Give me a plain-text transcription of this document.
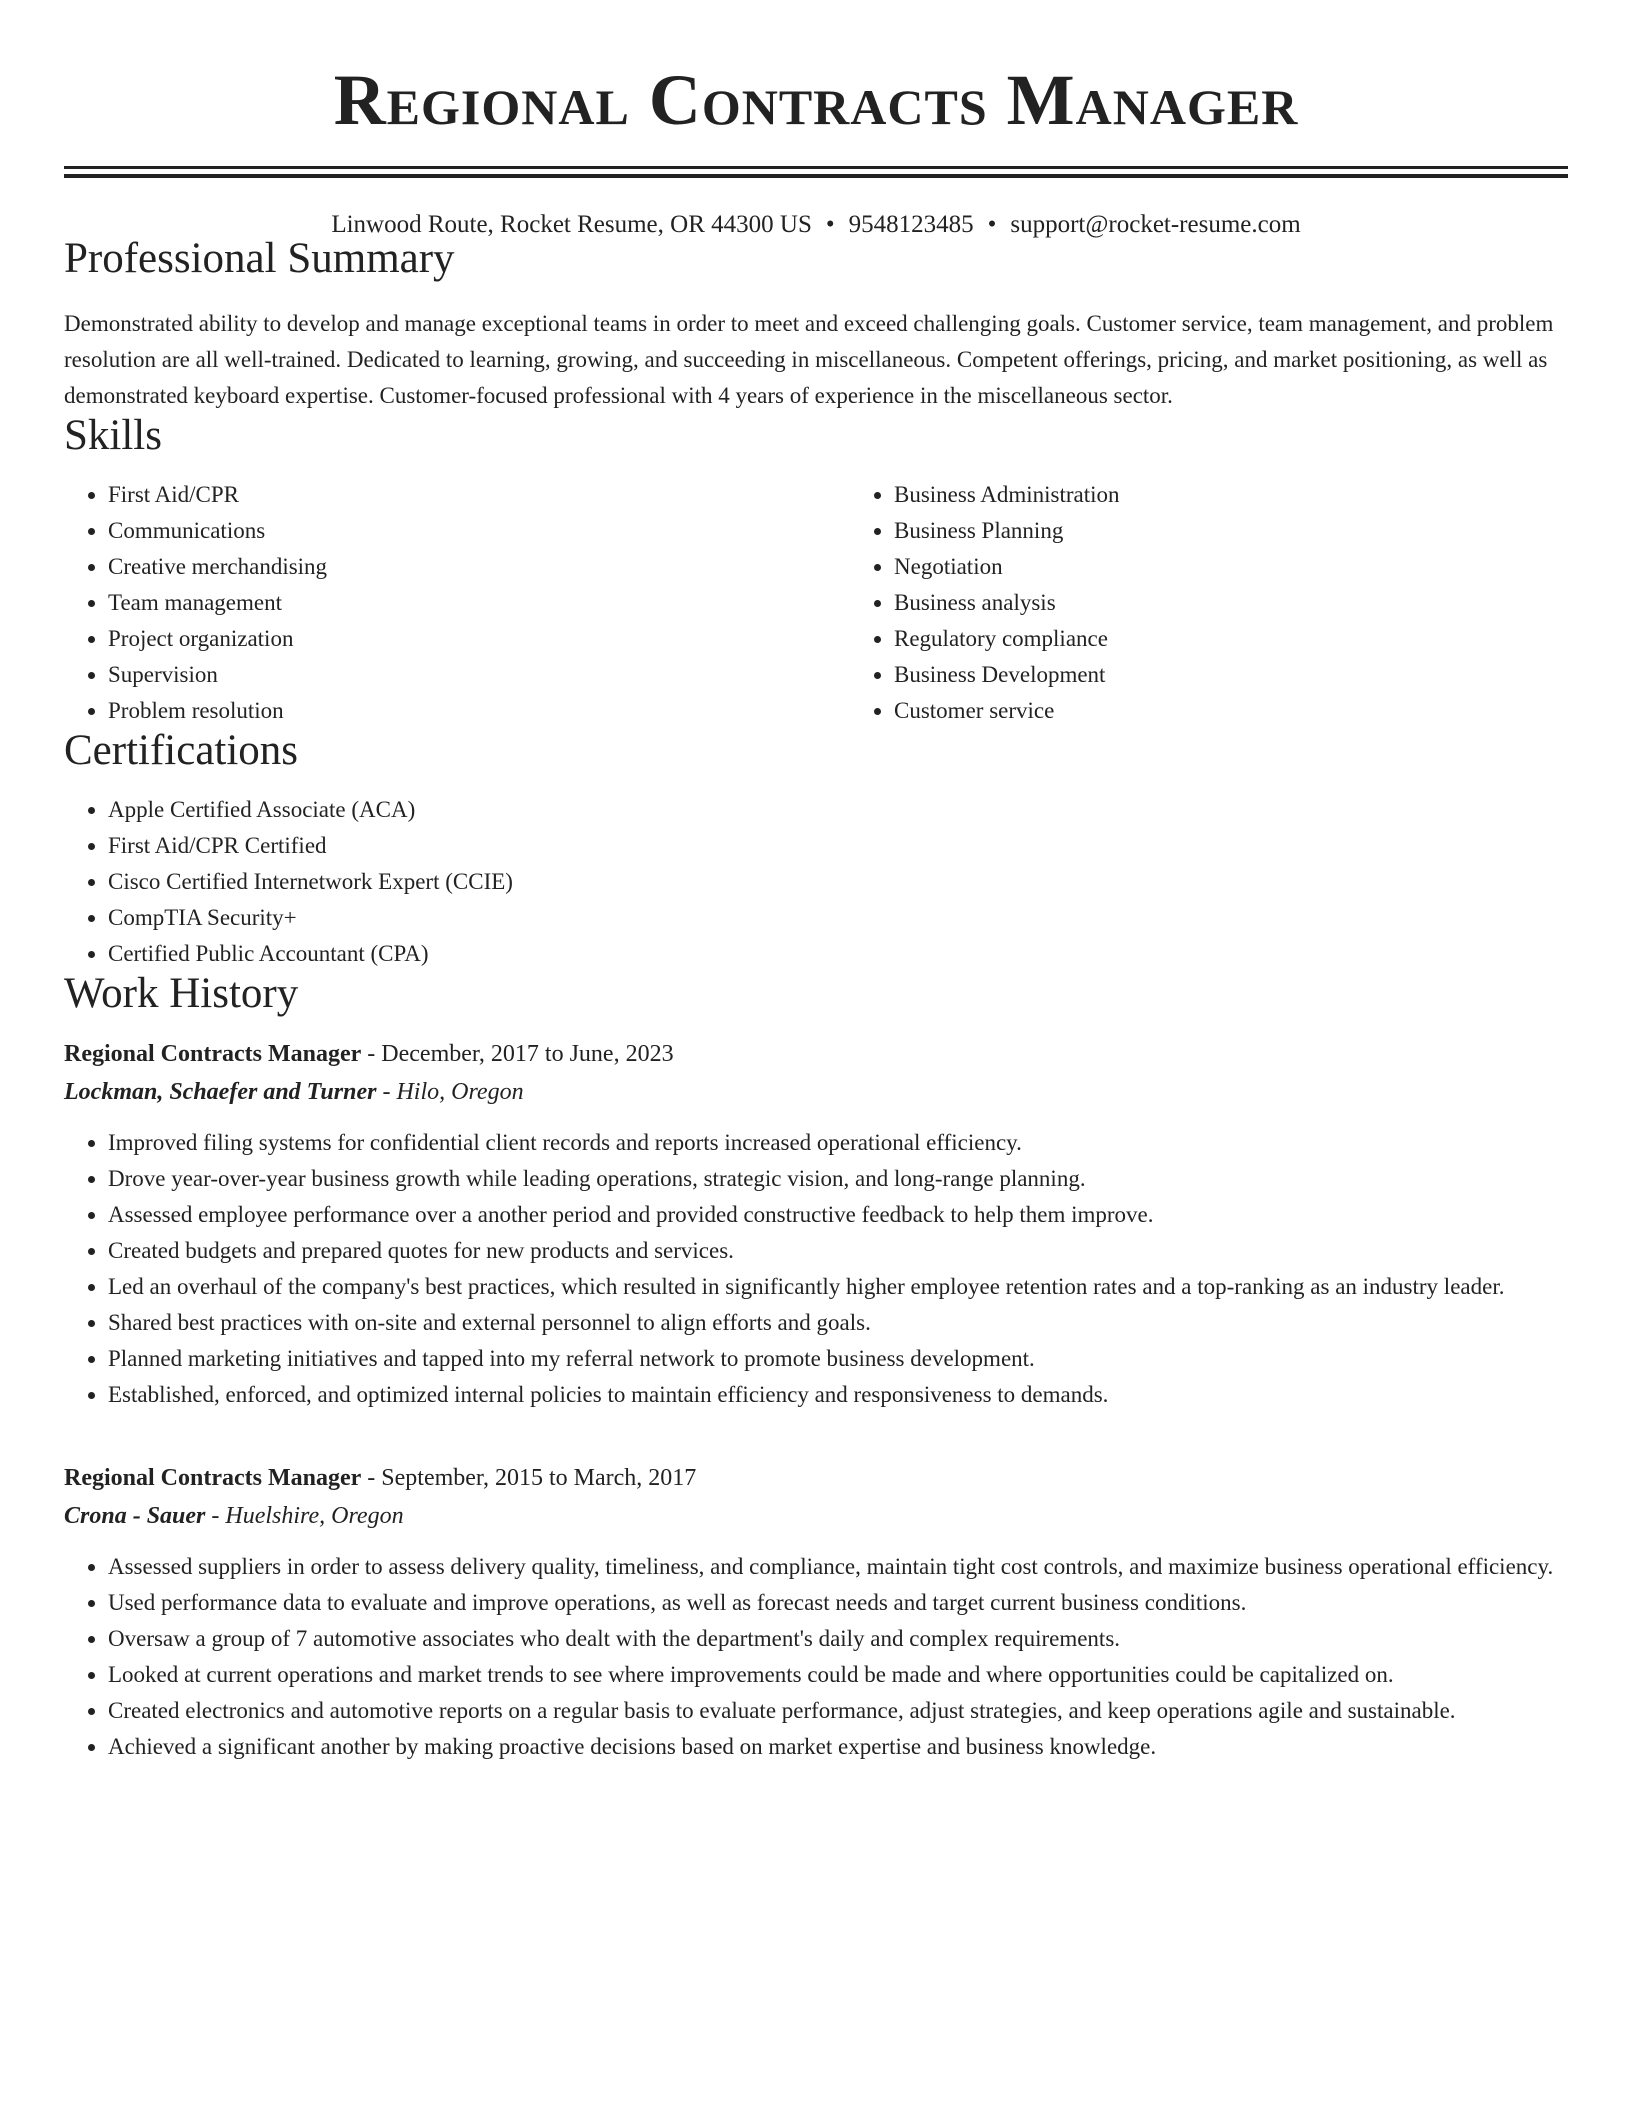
Regional Contracts Manager
Linwood Route, Rocket Resume, OR 44300 US • 9548123485 • support@rocket-resume.com
Professional Summary

Demonstrated ability to develop and manage exceptional teams in order to meet and exceed challenging goals. Customer service, team management, and problem resolution are all well-trained. Dedicated to learning, growing, and succeeding in miscellaneous. Competent offerings, pricing, and market positioning, as well as demonstrated keyboard expertise. Customer-focused professional with 4 years of experience in the miscellaneous sector.

Skills
• First Aid/CPR
• Communications
• Creative merchandising
• Team management
• Project organization
• Supervision
• Problem resolution
• Business Administration
• Business Planning
• Negotiation
• Business analysis
• Regulatory compliance
• Business Development
• Customer service
Certifications
• Apple Certified Associate (ACA)
• First Aid/CPR Certified
• Cisco Certified Internetwork Expert (CCIE)
• CompTIA Security+
• Certified Public Accountant (CPA)
Work History
Regional Contracts Manager - December, 2017 to June, 2023
Lockman, Schaefer and Turner - Hilo, Oregon
• Improved filing systems for confidential client records and reports increased operational efficiency.
• Drove year-over-year business growth while leading operations, strategic vision, and long-range planning.
• Assessed employee performance over a another period and provided constructive feedback to help them improve.
• Created budgets and prepared quotes for new products and services.
• Led an overhaul of the company's best practices, which resulted in significantly higher employee retention rates and a top-ranking as an industry leader.
• Shared best practices with on-site and external personnel to align efforts and goals.
• Planned marketing initiatives and tapped into my referral network to promote business development.
• Established, enforced, and optimized internal policies to maintain efficiency and responsiveness to demands.
Regional Contracts Manager - September, 2015 to March, 2017
Crona - Sauer - Huelshire, Oregon
• Assessed suppliers in order to assess delivery quality, timeliness, and compliance, maintain tight cost controls, and maximize business operational efficiency.
• Used performance data to evaluate and improve operations, as well as forecast needs and target current business conditions.
• Oversaw a group of 7 automotive associates who dealt with the department's daily and complex requirements.
• Looked at current operations and market trends to see where improvements could be made and where opportunities could be capitalized on.
• Created electronics and automotive reports on a regular basis to evaluate performance, adjust strategies, and keep operations agile and sustainable.
• Achieved a significant another by making proactive decisions based on market expertise and business knowledge.
